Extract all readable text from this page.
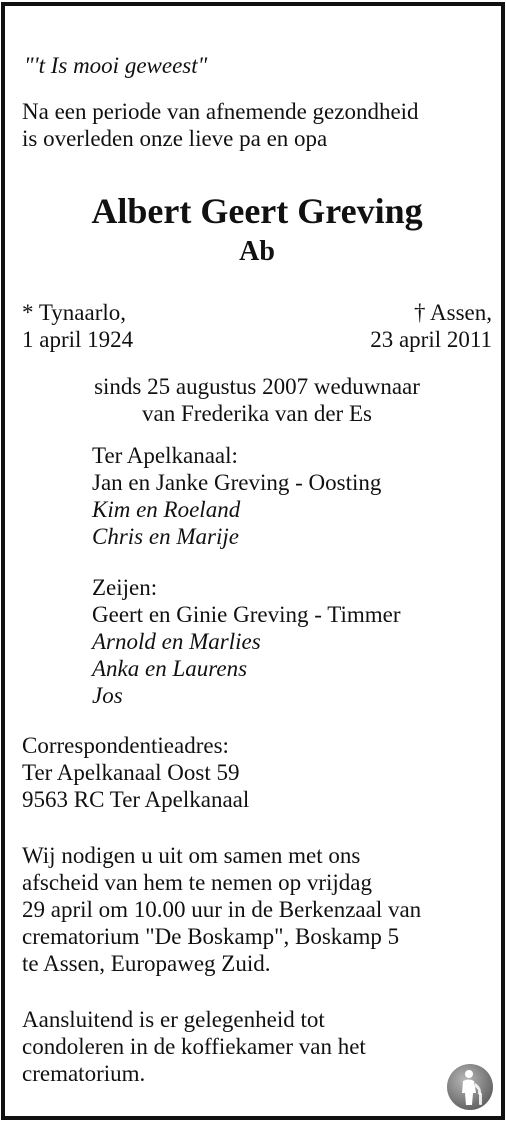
"'t Is mooi geweest"

Na een periode van afnemende gezondheid
is overleden onze lieve pa en opa

Albert Geert Greving

Ab

* Tynaarlo,
1 april 1924

† Assen,
23 april 2011

sinds 25 augustus 2007 weduwnaar
van Frederika van der Es

Ter Apelkanaal:
Jan en Janke Greving - Oosting
Kim en Roeland
Chris en Marije
Zeijen:
Geert en Ginie Greving - Timmer
Arnold en Marlies
Anka en Laurens
Jos
Correspondentieadres:
Ter Apelkanaal Oost 59
9563 RC Ter Apelkanaal
Wij nodigen u uit om samen met ons
afscheid van hem te nemen op vrijdag
29 april om 10.00 uur in de Berkenzaal van
crematorium "De Boskamp", Boskamp 5
te Assen, Europaweg Zuid.
Aansluitend is er gelegenheid tot
condoleren in de koffiekamer van het
crematorium.
